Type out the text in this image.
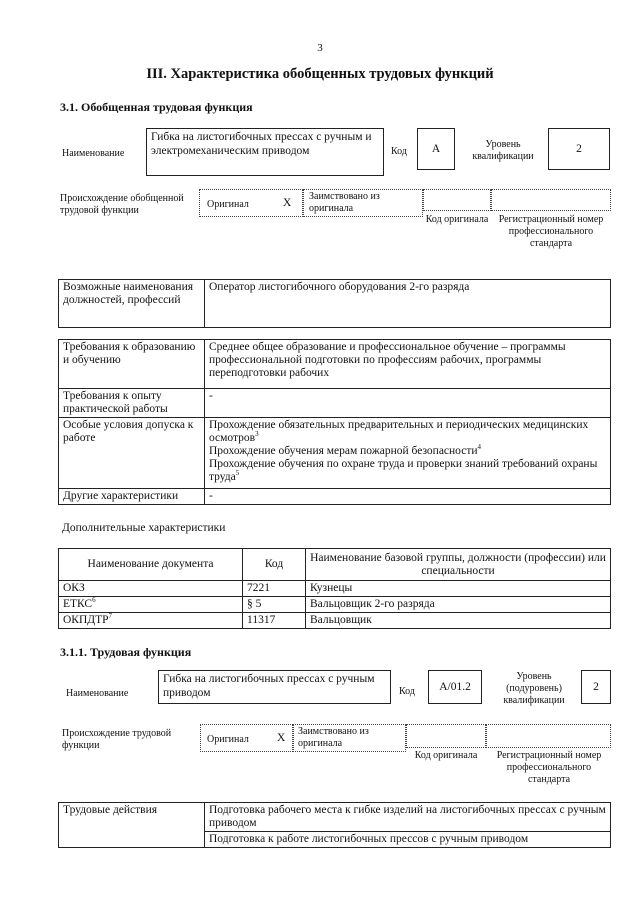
3
III. Характеристика обобщенных трудовых функций
3.1. Обобщенная трудовая функция
Наименование
Гибка на листогибочных прессах с ручным и электромеханическим приводом	Код А	Уровень квалификации
2
Происхождение обобщенной трудовой функции
Оригинал	X
Заимствовано из оригинала
Код оригинала	Регистрационный номер профессионального стандарта
Возможные наименования должностей, профессий	Оператор листогибочного оборудования 2-го разряда
Требования к образованию и обучению	Среднее общее образование и профессиональное обучение – программы профессиональной подготовки по профессиям рабочих, программы переподготовки рабочих
Требования к опыту практической работы	-
Особые условия допуска к работе	Прохождение обязательных предварительных и периодических медицинских осмотров$^3$
Прохождение обучения мерам пожарной безопасности$^4$
Прохождение обучения по охране труда и проверки знаний требований охраны труда$^5$

Другие характеристики	-
Дополнительные характеристики
Наименование документа	Код	Наименование базовой группы, должности (профессии) или специальности
ОКЗ	7221	Кузнецы
ЕТКС$^6$	§ 5	Вальцовщик 2-го разряда
ОКПДТР$^7$	11317	Вальцовщик
3.1.1. Трудовая функция
Наименование
Гибка на листогибочных прессах с ручным приводом	Код А/01.2
Уровень (подуровень) квалификации
2
Происхождение трудовой функции
Оригинал X
Заимствовано из оригинала
Код оригинала	Регистрационный номер профессионального стандарта
Трудовые действия	Подготовка рабочего места к гибке изделий на листогибочных прессах с ручным приводом
Подготовка к работе листогибочных прессов с ручным приводом
